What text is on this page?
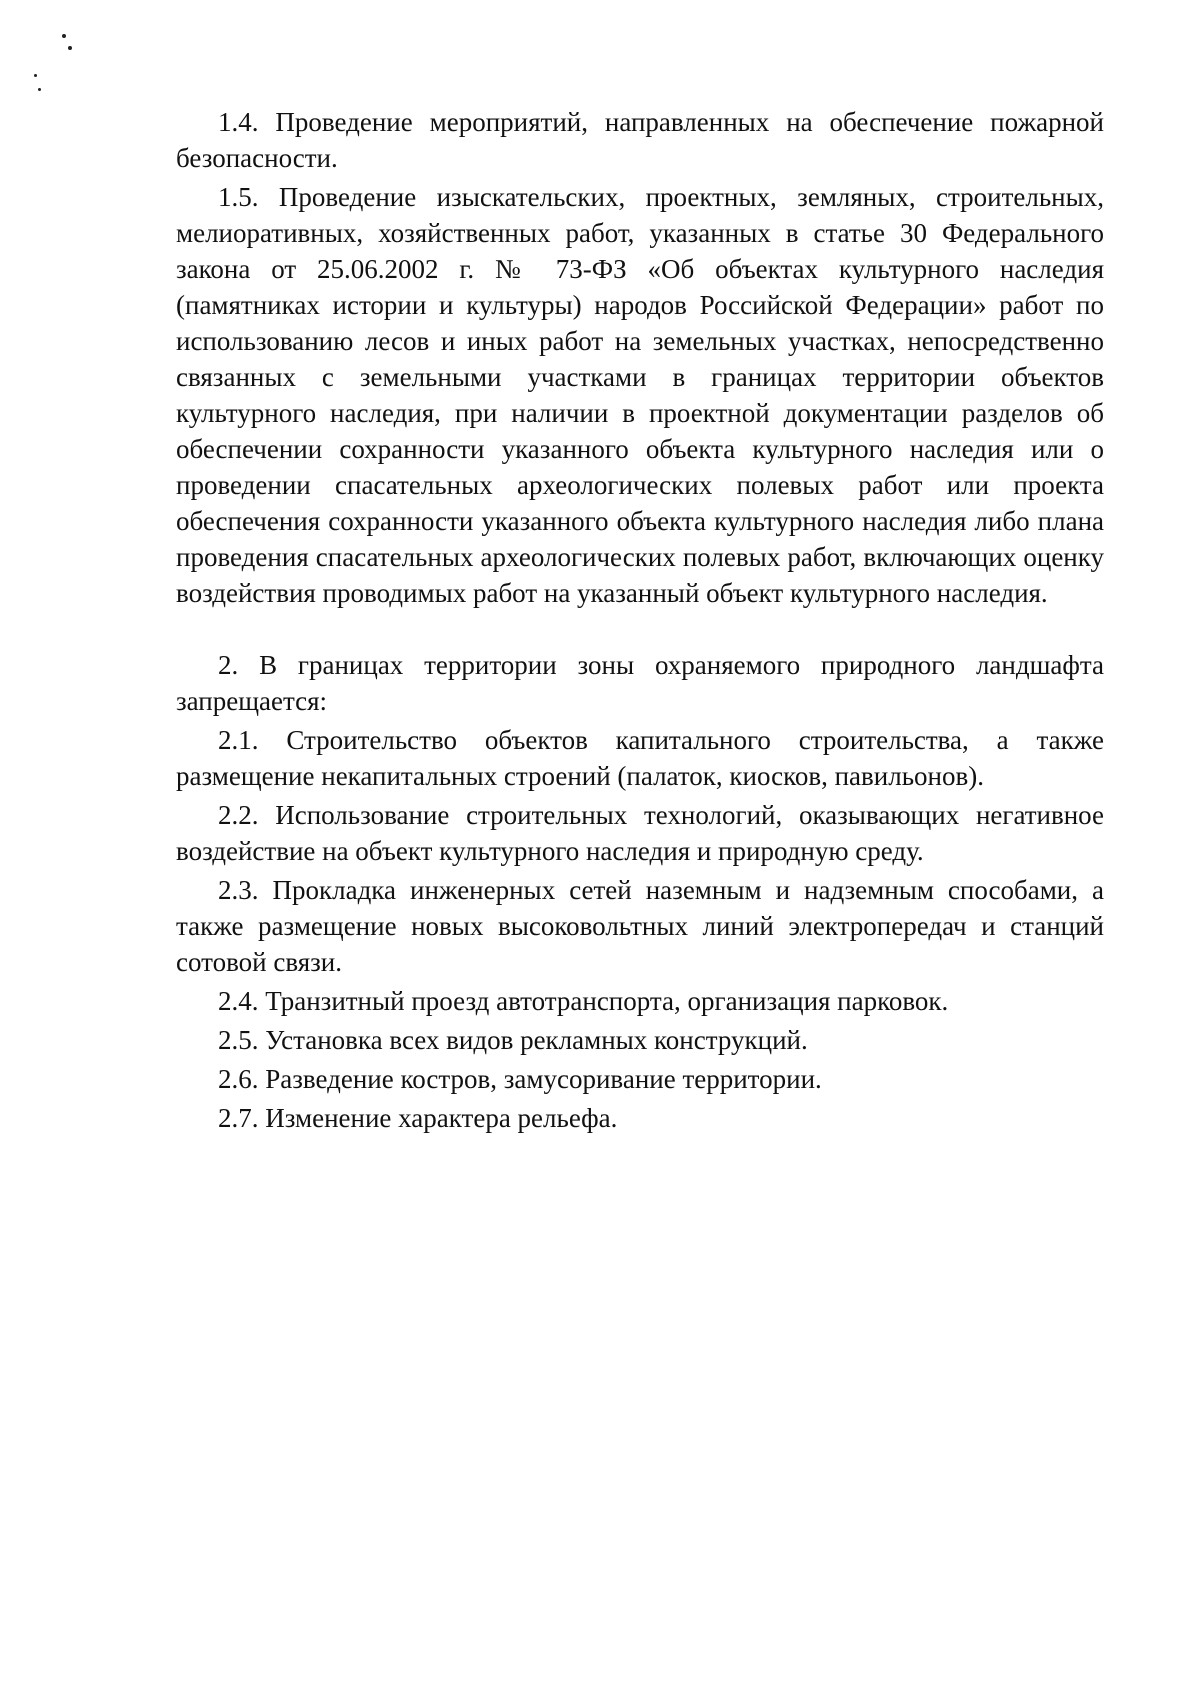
1.4. Проведение мероприятий, направленных на обеспечение пожарной безопасности.

1.5. Проведение изыскательских, проектных, земляных, строительных, мелиоративных, хозяйственных работ, указанных в статье 30 Федерального закона от 25.06.2002 г. № 73-ФЗ «Об объектах культурного наследия (памятниках истории и культуры) народов Российской Федерации» работ по использованию лесов и иных работ на земельных участках, непосредственно связанных с земельными участками в границах территории объектов культурного наследия, при наличии в проектной документации разделов об обеспечении сохранности указанного объекта культурного наследия или о проведении спасательных археологических полевых работ или проекта обеспечения сохранности указанного объекта культурного наследия либо плана проведения спасательных археологических полевых работ, включающих оценку воздействия проводимых работ на указанный объект культурного наследия.

2. В границах территории зоны охраняемого природного ландшафта запрещается:

2.1. Строительство объектов капитального строительства, а также размещение некапитальных строений (палаток, киосков, павильонов).

2.2. Использование строительных технологий, оказывающих негативное воздействие на объект культурного наследия и природную среду.

2.3. Прокладка инженерных сетей наземным и надземным способами, а также размещение новых высоковольтных линий электропередач и станций сотовой связи.

2.4. Транзитный проезд автотранспорта, организация парковок.

2.5. Установка всех видов рекламных конструкций.

2.6. Разведение костров, замусоривание территории.

2.7. Изменение характера рельефа.
